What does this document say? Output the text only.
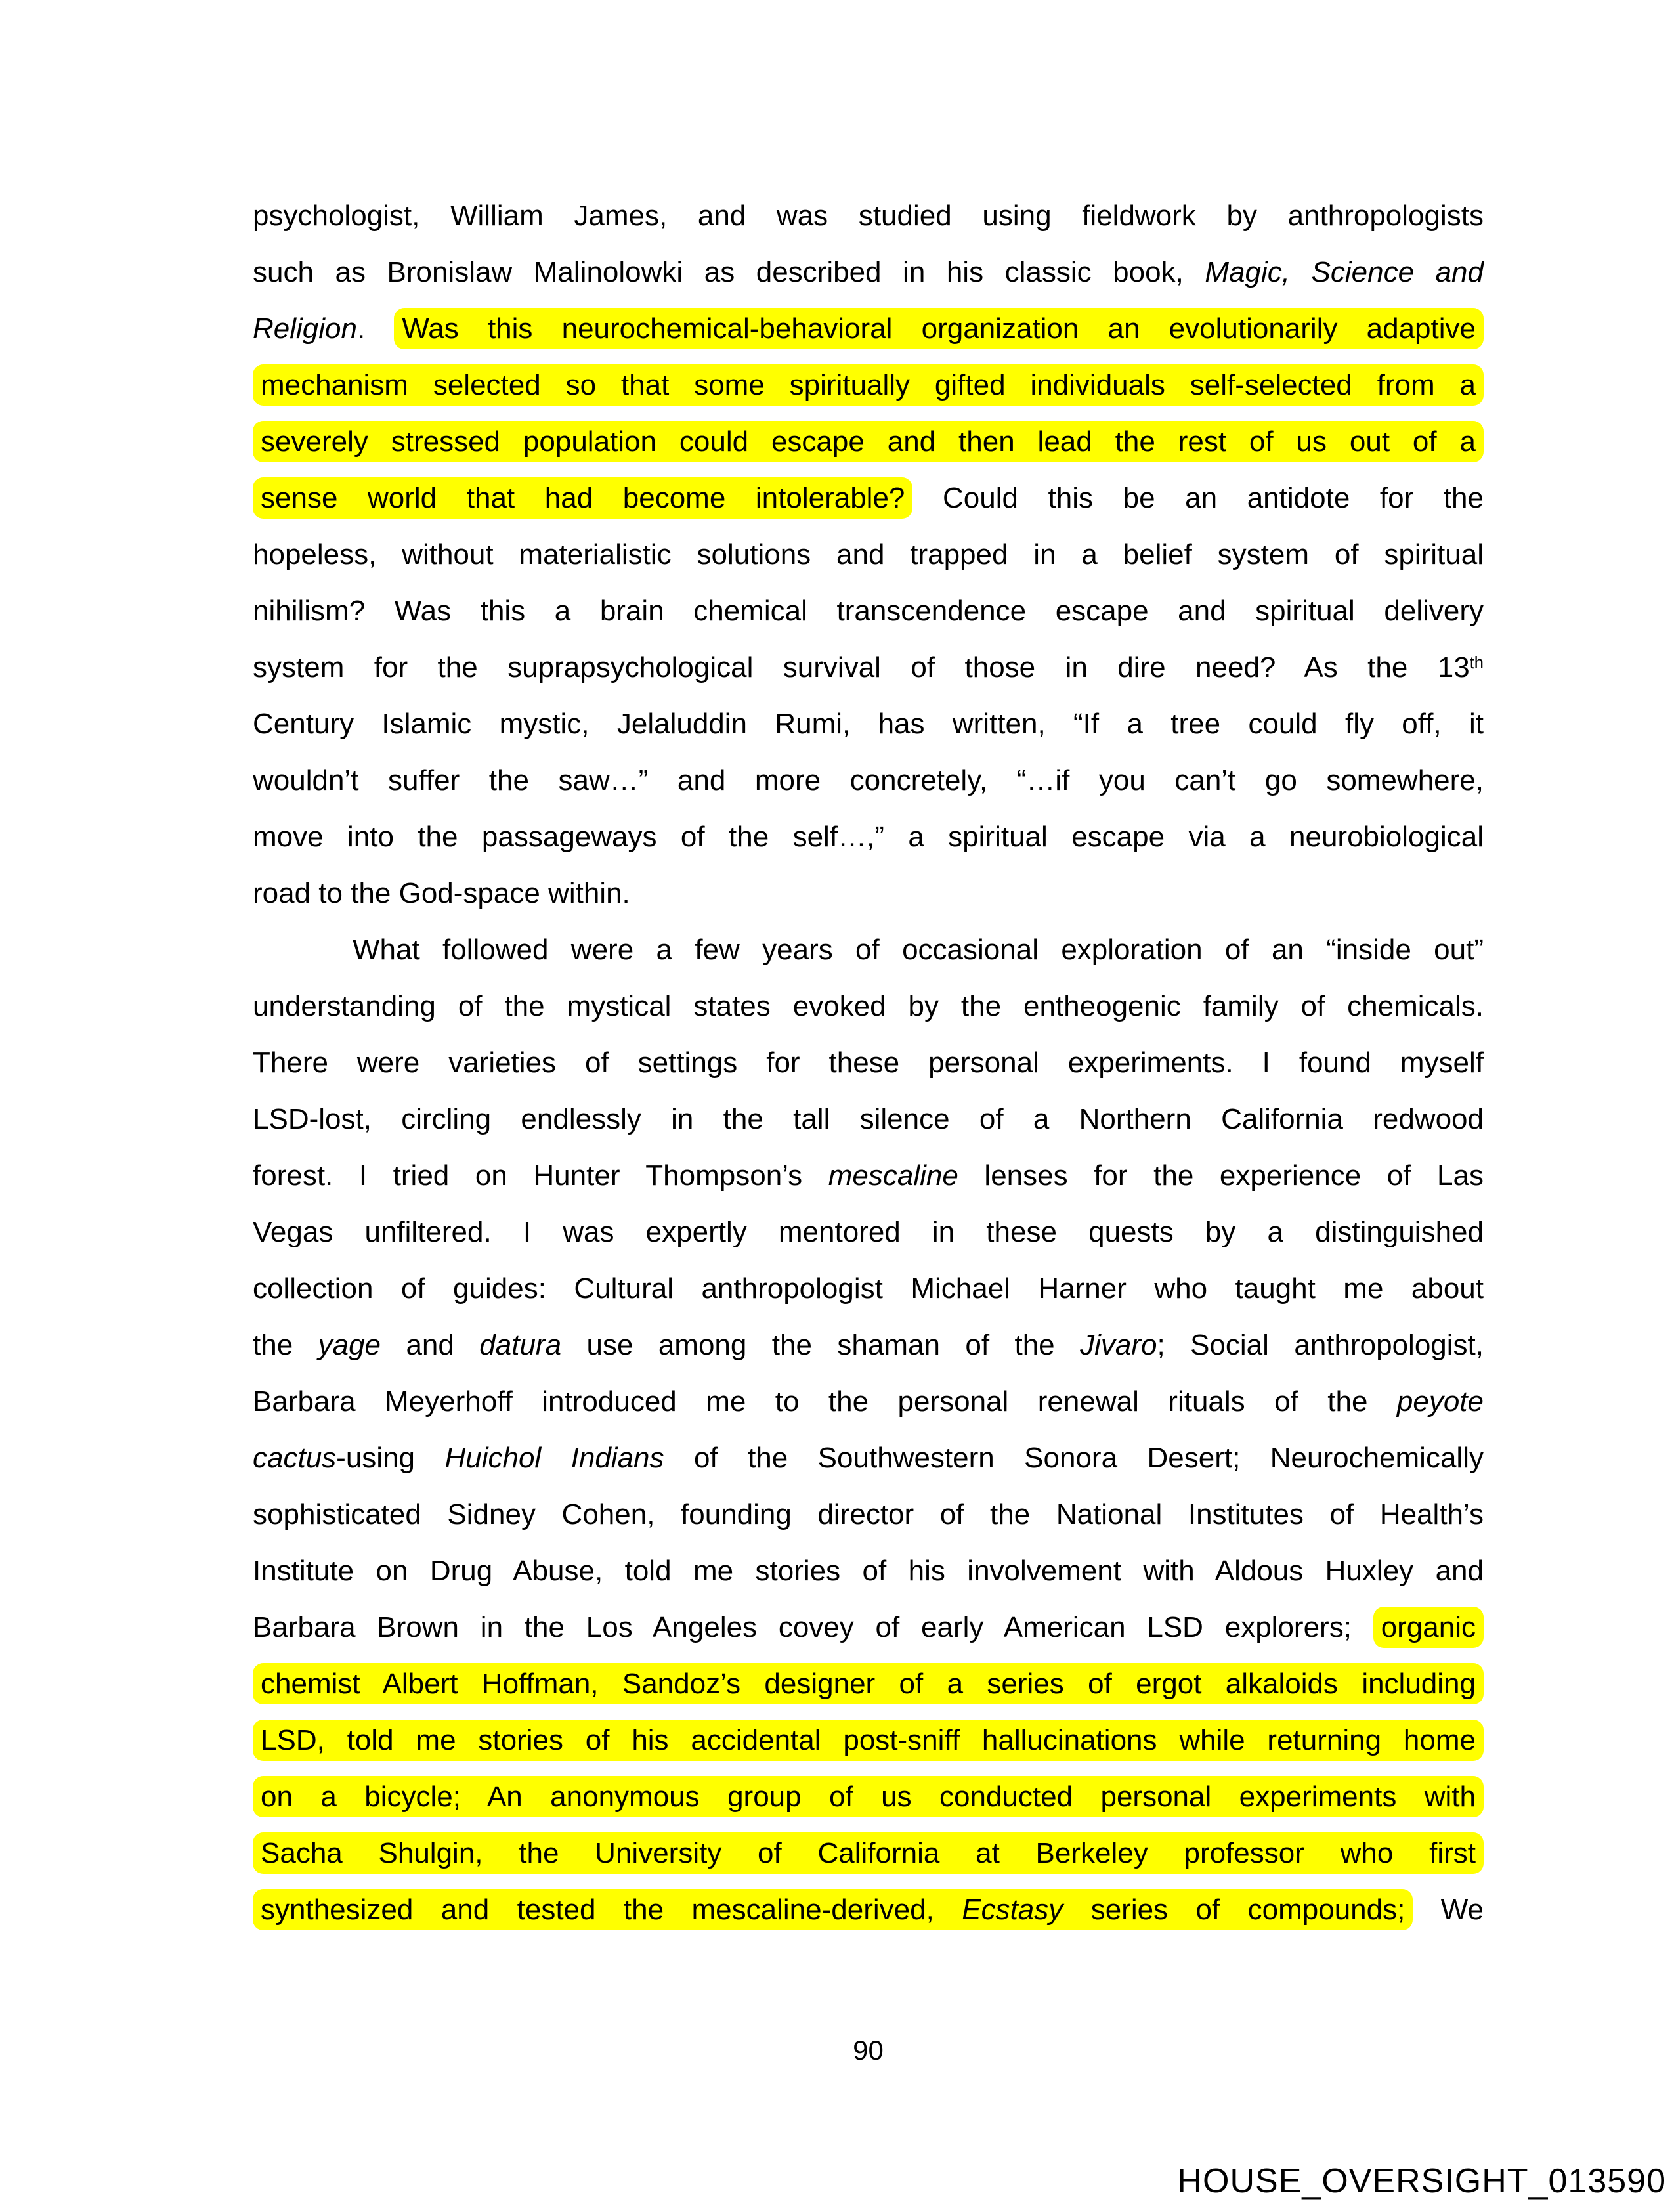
psychologist, William James, and was studied using fieldwork by anthropologists
such as Bronislaw Malinolowki as described in his classic book, Magic, Science and
Religion. Was this neurochemical-behavioral organization an evolutionarily adaptive
mechanism selected so that some spiritually gifted individuals self-selected from a
severely stressed population could escape and then lead the rest of us out of a
sense world that had become intolerable? Could this be an antidote for the
hopeless, without materialistic solutions and trapped in a belief system of spiritual
nihilism? Was this a brain chemical transcendence escape and spiritual delivery
system for the suprapsychological survival of those in dire need? As the 13th
Century Islamic mystic, Jelaluddin Rumi, has written, “If a tree could fly off, it
wouldn’t suffer the saw…” and more concretely, “…if you can’t go somewhere,
move into the passageways of the self…,” a spiritual escape via a neurobiological
road to the God-space within.
What followed were a few years of occasional exploration of an “inside out”
understanding of the mystical states evoked by the entheogenic family of chemicals.
There were varieties of settings for these personal experiments. I found myself
LSD-lost, circling endlessly in the tall silence of a Northern California redwood
forest. I tried on Hunter Thompson’s mescaline lenses for the experience of Las
Vegas unfiltered. I was expertly mentored in these quests by a distinguished
collection of guides: Cultural anthropologist Michael Harner who taught me about
the yage and datura use among the shaman of the Jivaro; Social anthropologist,
Barbara Meyerhoff introduced me to the personal renewal rituals of the peyote
cactus-using Huichol Indians of the Southwestern Sonora Desert; Neurochemically
sophisticated Sidney Cohen, founding director of the National Institutes of Health’s
Institute on Drug Abuse, told me stories of his involvement with Aldous Huxley and
Barbara Brown in the Los Angeles covey of early American LSD explorers; organic
chemist Albert Hoffman, Sandoz’s designer of a series of ergot alkaloids including
LSD, told me stories of his accidental post-sniff hallucinations while returning home
on a bicycle; An anonymous group of us conducted personal experiments with
Sacha Shulgin, the University of California at Berkeley professor who first
synthesized and tested the mescaline-derived, Ecstasy series of compounds; We
90
HOUSE_OVERSIGHT_013590
